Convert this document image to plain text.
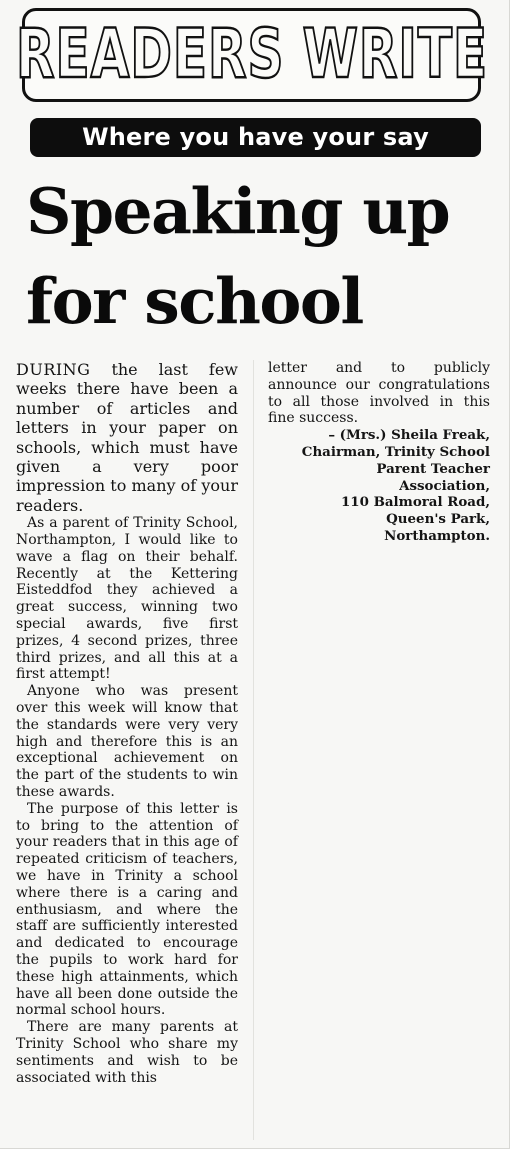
READERS WRITE
Where you have your say
Speaking up
for school

DURING the last few weeks there have been a number of articles and letters in your paper on schools, which must have given a very poor impression to many of your readers.

As a parent of Trinity School, Northampton, I would like to wave a flag on their behalf. Recently at the Kettering Eisteddfod they achieved a great success, winning two special awards, five first prizes, 4 second prizes, three third prizes, and all this at a first attempt!

Anyone who was present over this week will know that the standards were very very high and therefore this is an exceptional achievement on the part of the students to win these awards.

The purpose of this letter is to bring to the attention of your readers that in this age of repeated criticism of teachers, we have in Trinity a school where there is a caring and enthusiasm, and where the staff are sufficiently interested and dedicated to encourage the pupils to work hard for these high attainments, which have all been done outside the normal school hours.

There are many parents at Trinity School who share my sentiments and wish to be associated with this

letter and to publicly announce our congratulations to all those involved in this fine success.

– (Mrs.) Sheila Freak,
Chairman, Trinity School
Parent Teacher
Association,
110 Balmoral Road,
Queen's Park,
Northampton.
